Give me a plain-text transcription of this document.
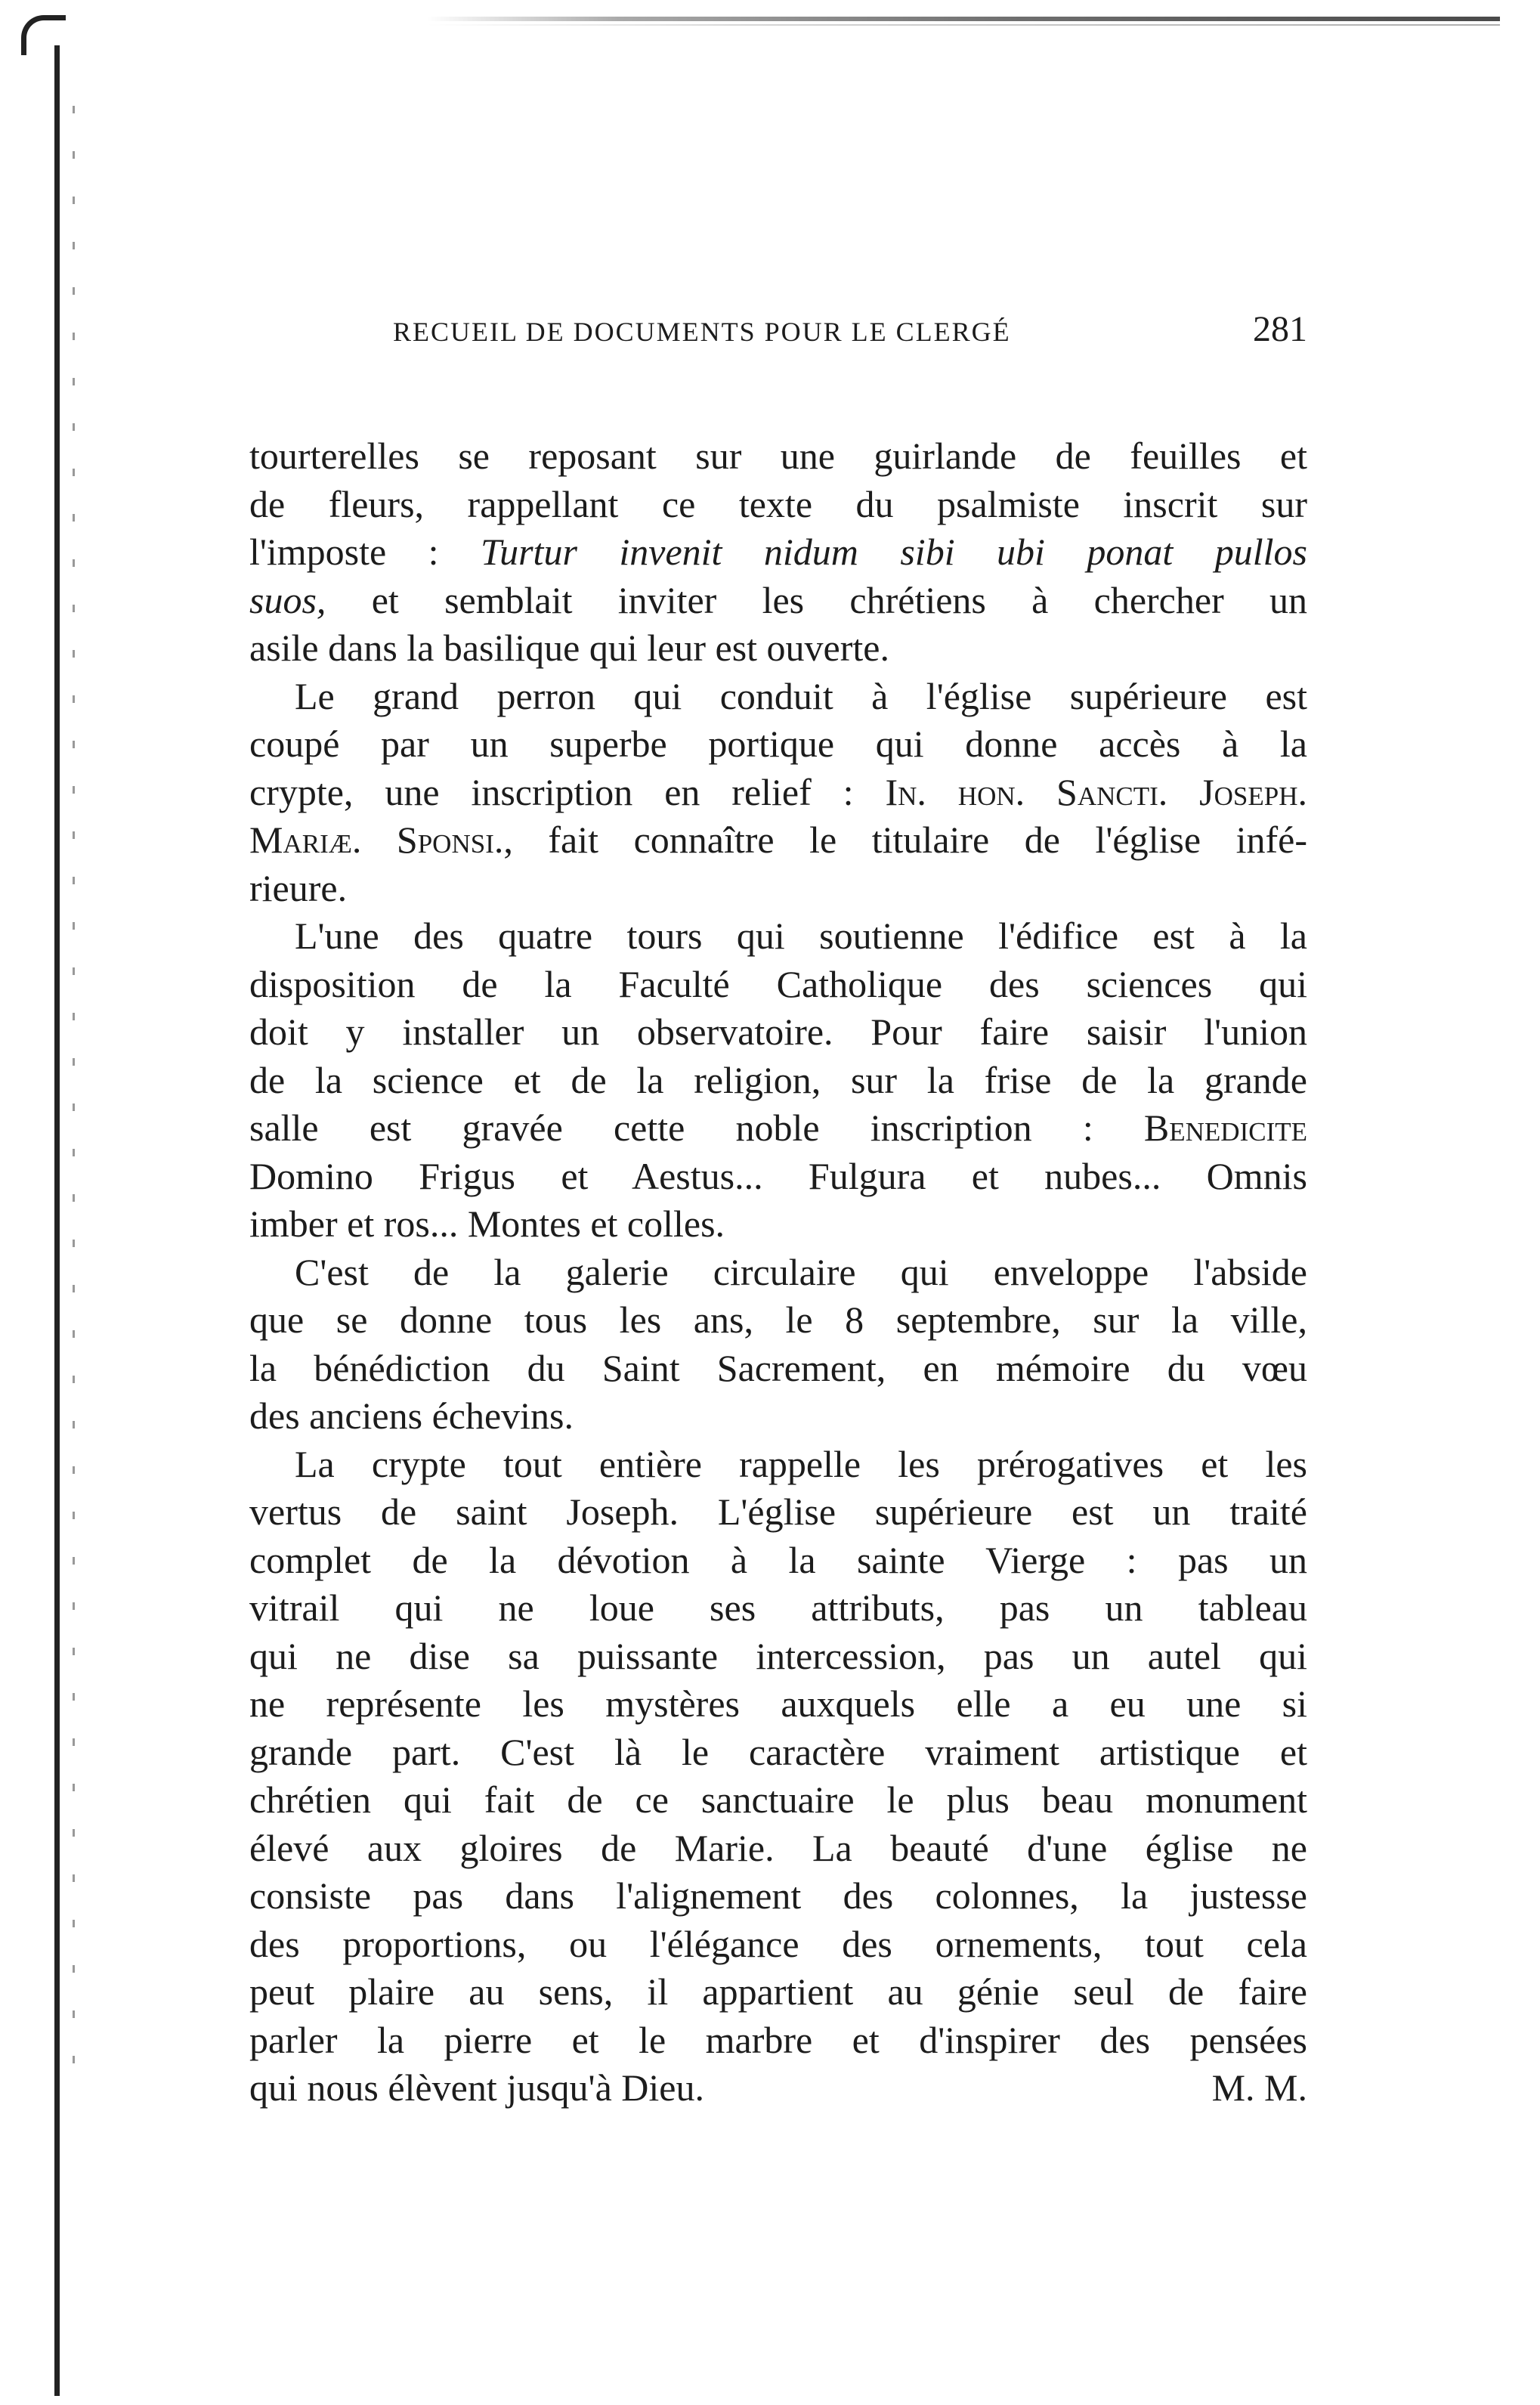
RECUEIL DE DOCUMENTS POUR LE CLERGÉ	281
tourterelles se reposant sur une guirlande de feuilles et
de fleurs, rappellant ce texte du psalmiste inscrit sur
l'imposte : Turtur invenit nidum sibi ubi ponat pullos
suos, et semblait inviter les chrétiens à chercher un
asile dans la basilique qui leur est ouverte.
Le grand perron qui conduit à l'église supérieure est
coupé par un superbe portique qui donne accès à la
crypte, une inscription en relief : In. hon. Sancti. Joseph.
Mariæ. Sponsi., fait connaître le titulaire de l'église infé-
rieure.
L'une des quatre tours qui soutienne l'édifice est à la
disposition de la Faculté Catholique des sciences qui
doit y installer un observatoire. Pour faire saisir l'union
de la science et de la religion, sur la frise de la grande
salle est gravée cette noble inscription : Benedicite
Domino Frigus et Aestus... Fulgura et nubes... Omnis
imber et ros... Montes et colles.
C'est de la galerie circulaire qui enveloppe l'abside
que se donne tous les ans, le 8 septembre, sur la ville,
la bénédiction du Saint Sacrement, en mémoire du vœu
des anciens échevins.
La crypte tout entière rappelle les prérogatives et les
vertus de saint Joseph. L'église supérieure est un traité
complet de la dévotion à la sainte Vierge : pas un
vitrail qui ne loue ses attributs, pas un tableau
qui ne dise sa puissante intercession, pas un autel qui
ne représente les mystères auxquels elle a eu une si
grande part. C'est là le caractère vraiment artistique et
chrétien qui fait de ce sanctuaire le plus beau monument
élevé aux gloires de Marie. La beauté d'une église ne
consiste pas dans l'alignement des colonnes, la justesse
des proportions, ou l'élégance des ornements, tout cela
peut plaire au sens, il appartient au génie seul de faire
parler la pierre et le marbre et d'inspirer des pensées
qui nous élèvent jusqu'à Dieu.	M. M.
